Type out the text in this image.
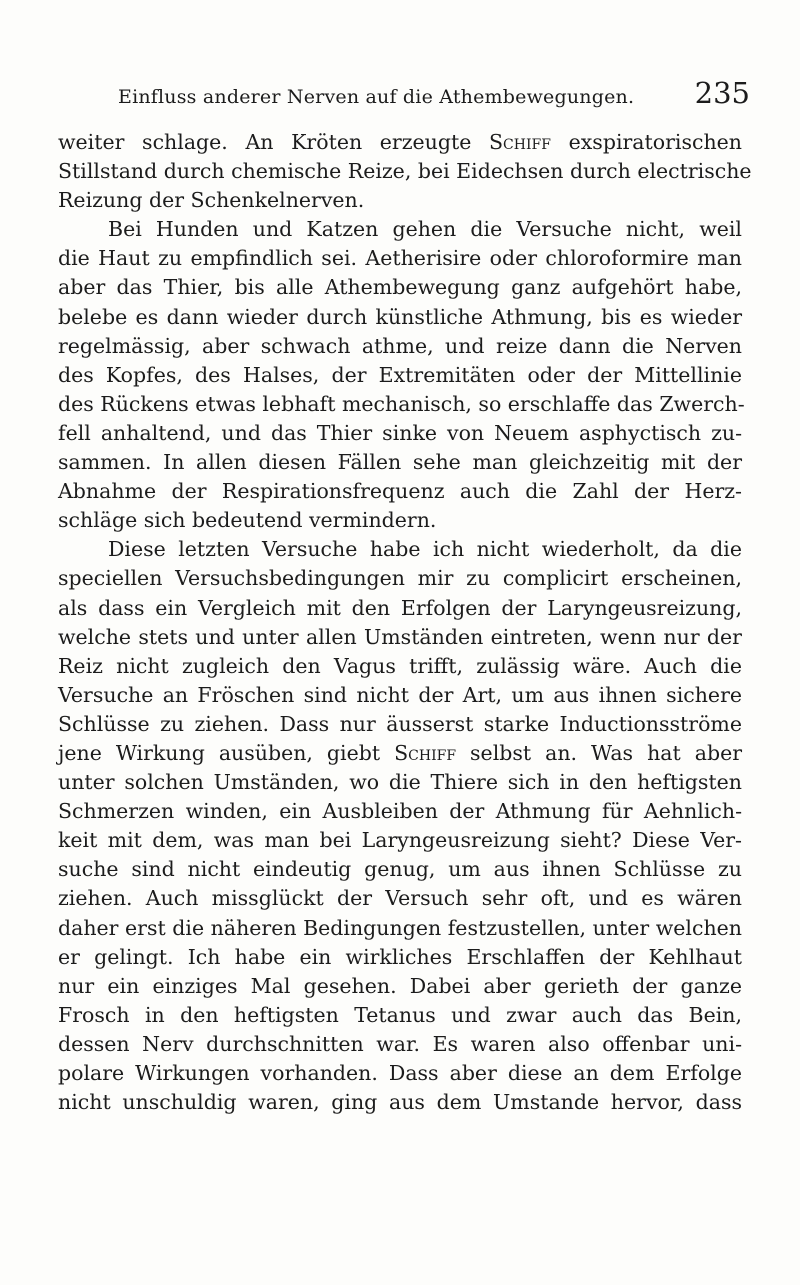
Einfluss anderer Nerven auf die Athembewegungen. 235
weiter schlage. An Kröten erzeugte Schiff exspiratorischen
Stillstand durch chemische Reize, bei Eidechsen durch electrische
Reizung der Schenkelnerven.
Bei Hunden und Katzen gehen die Versuche nicht, weil
die Haut zu empfindlich sei. Aetherisire oder chloroformire man
aber das Thier, bis alle Athembewegung ganz aufgehört habe,
belebe es dann wieder durch künstliche Athmung, bis es wieder
regelmässig, aber schwach athme, und reize dann die Nerven
des Kopfes, des Halses, der Extremitäten oder der Mittellinie
des Rückens etwas lebhaft mechanisch, so erschlaffe das Zwerch-
fell anhaltend, und das Thier sinke von Neuem asphyctisch zu-
sammen. In allen diesen Fällen sehe man gleichzeitig mit der
Abnahme der Respirationsfrequenz auch die Zahl der Herz-
schläge sich bedeutend vermindern.
Diese letzten Versuche habe ich nicht wiederholt, da die
speciellen Versuchsbedingungen mir zu complicirt erscheinen,
als dass ein Vergleich mit den Erfolgen der Laryngeusreizung,
welche stets und unter allen Umständen eintreten, wenn nur der
Reiz nicht zugleich den Vagus trifft, zulässig wäre. Auch die
Versuche an Fröschen sind nicht der Art, um aus ihnen sichere
Schlüsse zu ziehen. Dass nur äusserst starke Inductionsströme
jene Wirkung ausüben, giebt Schiff selbst an. Was hat aber
unter solchen Umständen, wo die Thiere sich in den heftigsten
Schmerzen winden, ein Ausbleiben der Athmung für Aehnlich-
keit mit dem, was man bei Laryngeusreizung sieht? Diese Ver-
suche sind nicht eindeutig genug, um aus ihnen Schlüsse zu
ziehen. Auch missglückt der Versuch sehr oft, und es wären
daher erst die näheren Bedingungen festzustellen, unter welchen
er gelingt. Ich habe ein wirkliches Erschlaffen der Kehlhaut
nur ein einziges Mal gesehen. Dabei aber gerieth der ganze
Frosch in den heftigsten Tetanus und zwar auch das Bein,
dessen Nerv durchschnitten war. Es waren also offenbar uni-
polare Wirkungen vorhanden. Dass aber diese an dem Erfolge
nicht unschuldig waren, ging aus dem Umstande hervor, dass
